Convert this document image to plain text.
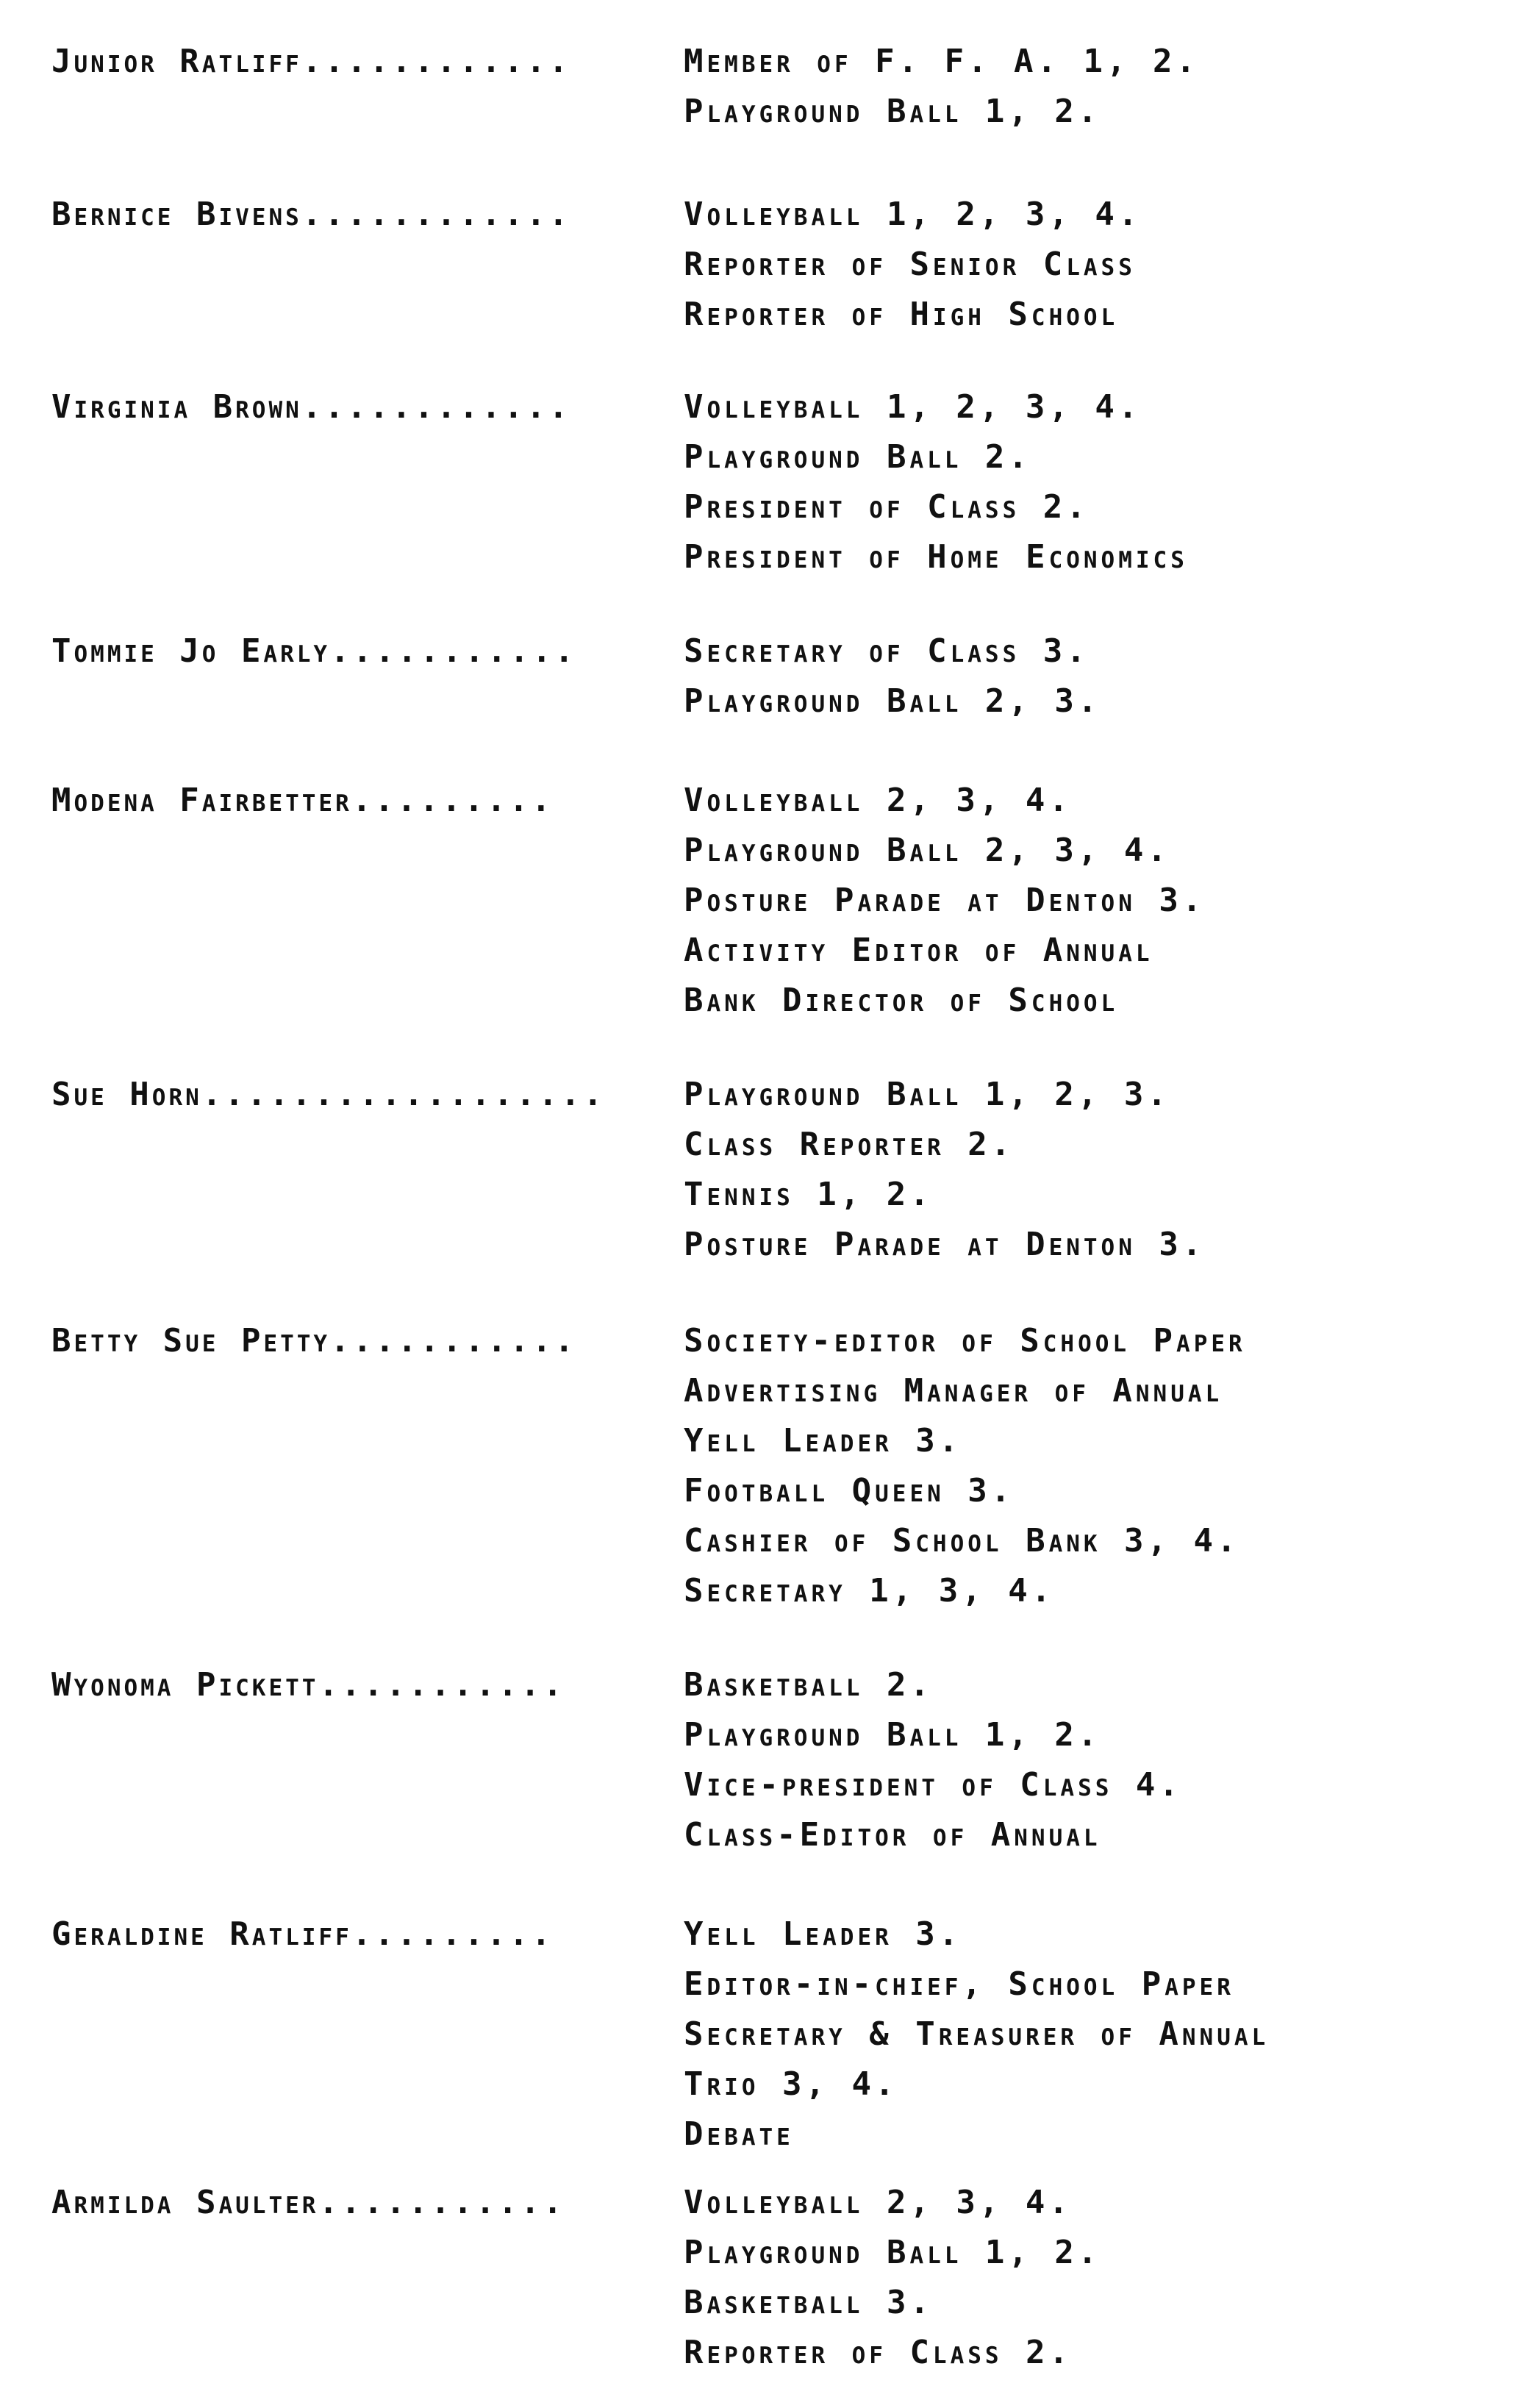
Junior Ratliff............	Member of F. F. A. 1, 2.
Playground Ball 1, 2.
Bernice Bivens............	Volleyball 1, 2, 3, 4.
Reporter of Senior Class
Reporter of High School
Virginia Brown............	Volleyball 1, 2, 3, 4.
Playground Ball 2.
President of Class 2.
President of Home Economics
Tommie Jo Early...........	Secretary of Class 3.
Playground Ball 2, 3.
Modena Fairbetter.........	Volleyball 2, 3, 4.
Playground Ball 2, 3, 4.
Posture Parade at Denton 3.
Activity Editor of Annual
Bank Director of School
Sue Horn..................	Playground Ball 1, 2, 3.
Class Reporter 2.
Tennis 1, 2.
Posture Parade at Denton 3.
Betty Sue Petty...........	Society-editor of School Paper
Advertising Manager of Annual
Yell Leader 3.
Football Queen 3.
Cashier of School Bank 3, 4.
Secretary 1, 3, 4.
Wyonoma Pickett...........	Basketball 2.
Playground Ball 1, 2.
Vice-president of Class 4.
Class-Editor of Annual
Geraldine Ratliff.........	Yell Leader 3.
Editor-in-chief, School Paper
Secretary & Treasurer of Annual
Trio 3, 4.
Debate
Armilda Saulter...........	Volleyball 2, 3, 4.
Playground Ball 1, 2.
Basketball 3.
Reporter of Class 2.
